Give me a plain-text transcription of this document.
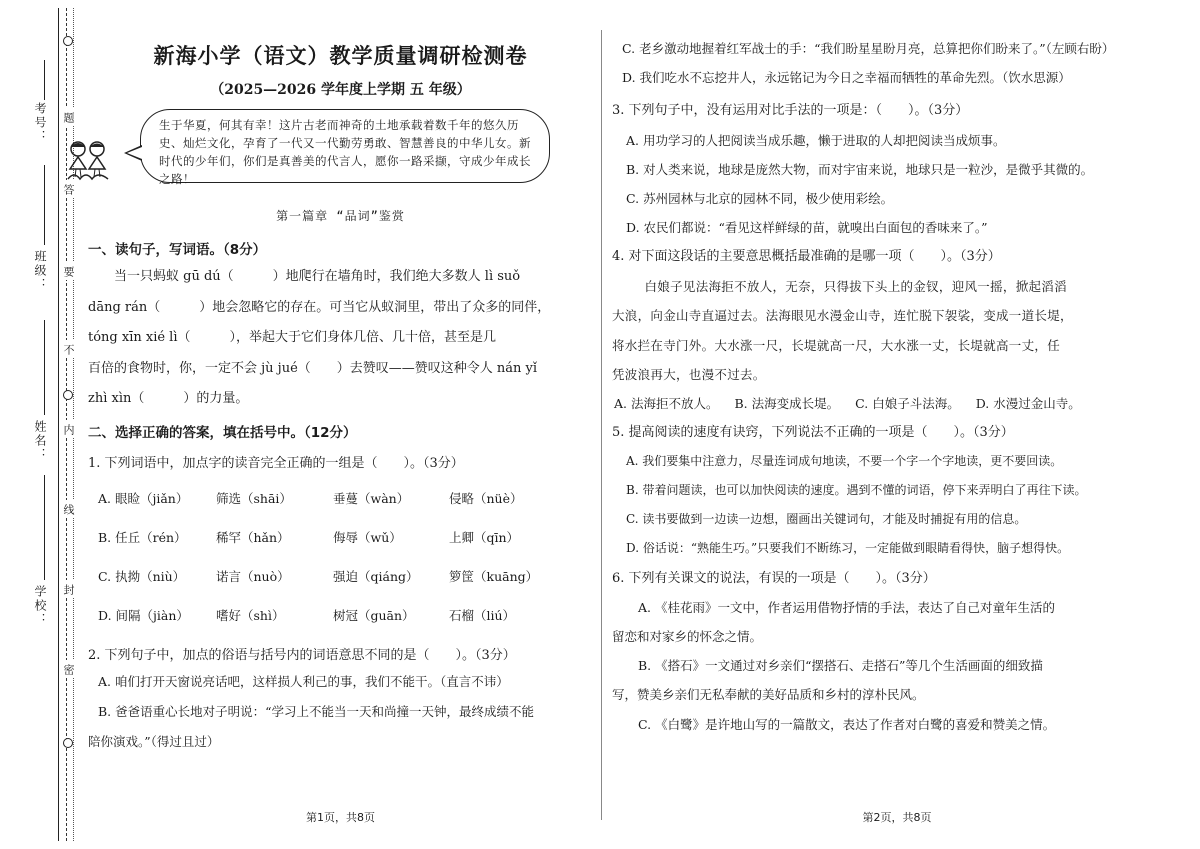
考号：
班级：
姓名：
学校：
题
答
要
不
内
线
封
密
新海小学（语文）教学质量调研检测卷
（2025—2026 学年度上学期 五 年级）
生于华夏，何其有幸！这片古老而神奇的土地承载着数千年的悠久历史、灿烂文化，孕育了一代又一代勤劳勇敢、智慧善良的中华儿女。新时代的少年们，你们是真善美的代言人，愿你一路采撷，守成少年成长之路！
第一篇章 “品词”鉴赏
一、读句子，写词语。（8分）

当一只蚂蚁 gū dú（　　　）地爬行在墙角时，我们绝大多数人 lì suǒ

dāng rán（　　　）地会忽略它的存在。可当它从蚁洞里，带出了众多的同伴，

tóng xīn xié lì（　　　），举起大于它们身体几倍、几十倍，甚至是几

百倍的食物时，你，一定不会 jù jué（　　）去赞叹——赞叹这种令人 nán yǐ

zhì xìn（　　　）的力量。

二、选择正确的答案，填在括号中。（12分）

1. 下列词语中，加点字的读音完全正确的一组是（　　）。（3分）

A. 眼睑（jiǎn）	筛选（shāi）	垂蔓（wàn）	侵略（nüè）
B. 任丘（rén）	稀罕（hǎn）	侮辱（wǔ）	上卿（qīn）
C. 执拗（niù）	诺言（nuò）	强迫（qiáng）	箩筐（kuāng）
D. 间隔（jiàn）	嗜好（shì）	树冠（guān）	石榴（liú）

2. 下列句子中，加点的俗语与括号内的词语意思不同的是（　　）。（3分）

A. 咱们打开天窗说亮话吧，这样损人利己的事，我们不能干。（直言不讳）
B. 爸爸语重心长地对子明说：“学习上不能当一天和尚撞一天钟，最终成绩不能
陪你演戏。”（得过且过）
第1页，共8页

C. 老乡激动地握着红军战士的手：“我们盼星星盼月亮，总算把你们盼来了。”（左顾右盼）

D. 我们吃水不忘挖井人，永远铭记为今日之幸福而牺牲的革命先烈。（饮水思源）

3. 下列句子中，没有运用对比手法的一项是：（　　）。（3分）

A. 用功学习的人把阅读当成乐趣，懒于进取的人却把阅读当成烦事。

B. 对人类来说，地球是庞然大物，而对宇宙来说，地球只是一粒沙，是微乎其微的。

C. 苏州园林与北京的园林不同，极少使用彩绘。

D. 农民们都说：“看见这样鲜绿的苗，就嗅出白面包的香味来了。”

4. 对下面这段话的主要意思概括最准确的是哪一项（　　）。（3分）

白娘子见法海拒不放人，无奈，只得拔下头上的金钗，迎风一摇，掀起滔滔

大浪，向金山寺直逼过去。法海眼见水漫金山寺，连忙脱下袈裟，变成一道长堤，

将水拦在寺门外。大水涨一尺，长堤就高一尺，大水涨一丈，长堤就高一丈，任

凭波浪再大，也漫不过去。

A. 法海拒不放人。 B. 法海变成长堤。 C. 白娘子斗法海。 D. 水漫过金山寺。

5. 提高阅读的速度有诀窍，下列说法不正确的一项是（　　）。（3分）

A. 我们要集中注意力，尽量连词成句地读，不要一个字一个字地读，更不要回读。

B. 带着问题读，也可以加快阅读的速度。遇到不懂的词语，停下来弄明白了再往下读。

C. 读书要做到一边读一边想，圈画出关键词句，才能及时捕捉有用的信息。

D. 俗话说：“熟能生巧。”只要我们不断练习，一定能做到眼睛看得快，脑子想得快。

6. 下列有关课文的说法，有误的一项是（　　）。（3分）

A. 《桂花雨》一文中，作者运用借物抒情的手法，表达了自己对童年生活的

留恋和对家乡的怀念之情。

B. 《搭石》一文通过对乡亲们“摆搭石、走搭石”等几个生活画面的细致描

写，赞美乡亲们无私奉献的美好品质和乡村的淳朴民风。

C. 《白鹭》是许地山写的一篇散文，表达了作者对白鹭的喜爱和赞美之情。

第2页，共8页
